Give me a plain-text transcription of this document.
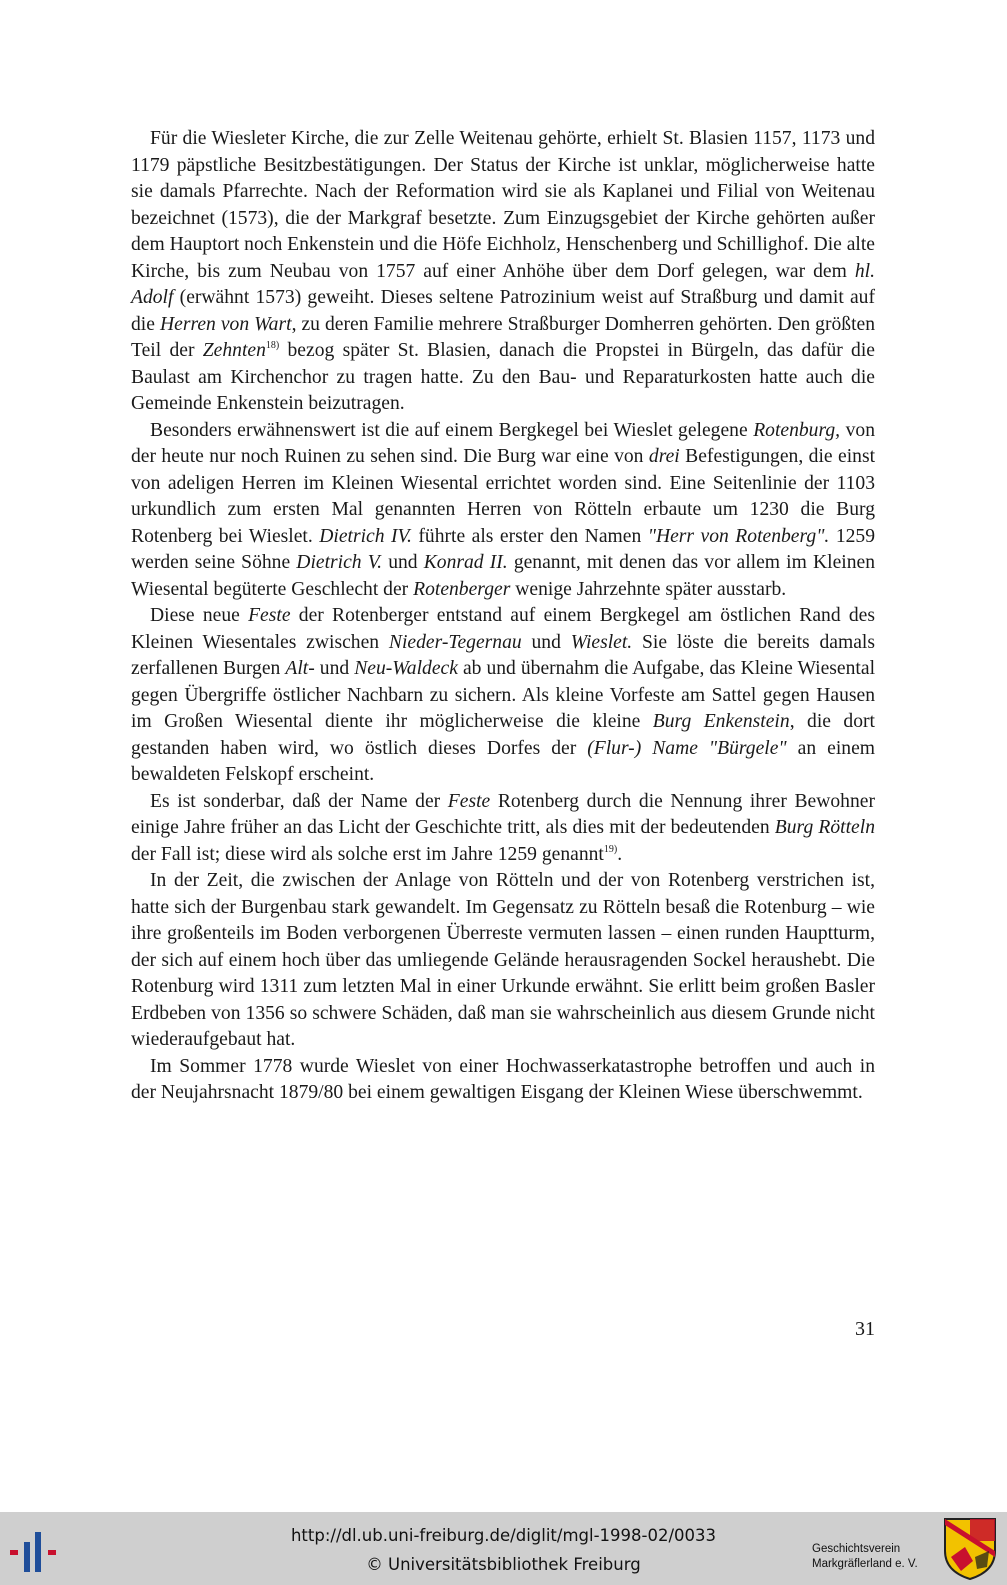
Für die Wiesleter Kirche, die zur Zelle Weitenau gehörte, erhielt St. Blasien 1157, 1173 und 1179 päpstliche Besitzbestätigungen. Der Status der Kirche ist unklar, möglicherweise hatte sie damals Pfarrechte. Nach der Reformation wird sie als Kaplanei und Filial von Weitenau bezeichnet (1573), die der Markgraf besetzte. Zum Einzugsgebiet der Kirche gehörten außer dem Hauptort noch Enkenstein und die Höfe Eichholz, Henschenberg und Schillighof. Die alte Kirche, bis zum Neubau von 1757 auf einer Anhöhe über dem Dorf gelegen, war dem hl. Adolf (erwähnt 1573) geweiht. Dieses seltene Patrozinium weist auf Straßburg und damit auf die Herren von Wart, zu deren Familie mehrere Straßburger Domherren gehörten. Den größten Teil der Zehnten$^{18)}$ bezog später St. Blasien, danach die Propstei in Bürgeln, das dafür die Baulast am Kirchenchor zu tragen hatte. Zu den Bau- und Reparaturkosten hatte auch die Gemeinde Enkenstein beizutragen.

Besonders erwähnenswert ist die auf einem Bergkegel bei Wieslet gelegene Rotenburg, von der heute nur noch Ruinen zu sehen sind. Die Burg war eine von drei Befestigungen, die einst von adeligen Herren im Kleinen Wiesental errichtet worden sind. Eine Seitenlinie der 1103 urkundlich zum ersten Mal genannten Herren von Rötteln erbaute um 1230 die Burg Rotenberg bei Wieslet. Dietrich IV. führte als erster den Namen "Herr von Rotenberg". 1259 werden seine Söhne Dietrich V. und Konrad II. genannt, mit denen das vor allem im Kleinen Wiesental begüterte Geschlecht der Rotenberger wenige Jahrzehnte später ausstarb.

Diese neue Feste der Rotenberger entstand auf einem Bergkegel am östlichen Rand des Kleinen Wiesentales zwischen Nieder-Tegernau und Wieslet. Sie löste die bereits damals zerfallenen Burgen Alt- und Neu-Waldeck ab und übernahm die Aufgabe, das Kleine Wiesental gegen Übergriffe östlicher Nachbarn zu sichern. Als kleine Vorfeste am Sattel gegen Hausen im Großen Wiesental diente ihr möglicherweise die kleine Burg Enkenstein, die dort gestanden haben wird, wo östlich dieses Dorfes der (Flur-) Name "Bürgele" an einem bewaldeten Felskopf erscheint.

Es ist sonderbar, daß der Name der Feste Rotenberg durch die Nennung ihrer Bewohner einige Jahre früher an das Licht der Geschichte tritt, als dies mit der bedeutenden Burg Rötteln der Fall ist; diese wird als solche erst im Jahre 1259 genannt$^{19)}$.

In der Zeit, die zwischen der Anlage von Rötteln und der von Rotenberg verstrichen ist, hatte sich der Burgenbau stark gewandelt. Im Gegensatz zu Rötteln besaß die Rotenburg – wie ihre großenteils im Boden verborgenen Überreste vermuten lassen – einen runden Hauptturm, der sich auf einem hoch über das umliegende Gelände herausragenden Sockel heraushebt. Die Rotenburg wird 1311 zum letzten Mal in einer Urkunde erwähnt. Sie erlitt beim großen Basler Erdbeben von 1356 so schwere Schäden, daß man sie wahrscheinlich aus diesem Grunde nicht wiederaufgebaut hat.

Im Sommer 1778 wurde Wieslet von einer Hochwasserkatastrophe betroffen und auch in der Neujahrsnacht 1879/80 bei einem gewaltigen Eisgang der Kleinen Wiese überschwemmt.

31
http://dl.ub.uni-freiburg.de/diglit/mgl-1998-02/0033
© Universitätsbibliothek Freiburg
Geschichtsverein
Markgräflerland e. V.
